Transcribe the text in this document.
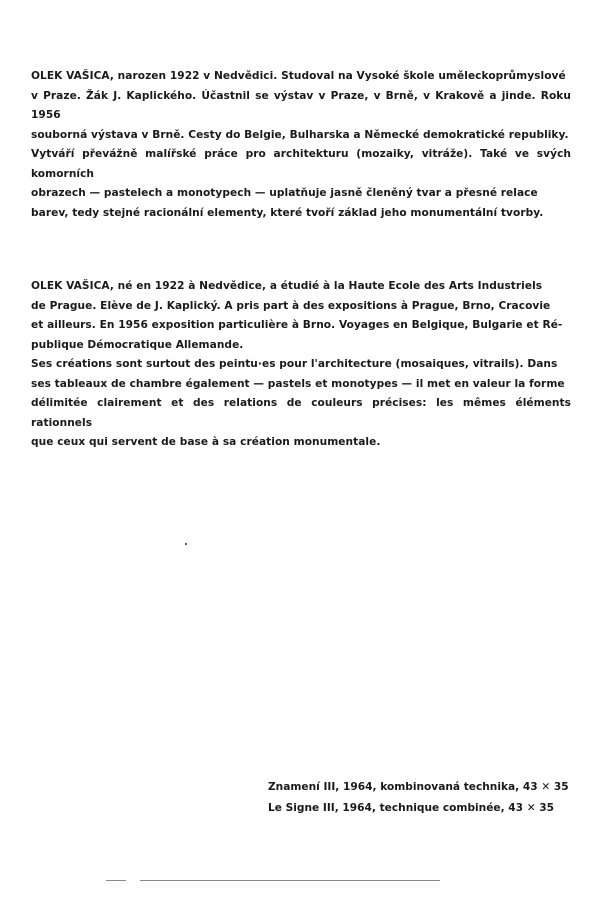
OLEK VAŠICA, narozen 1922 v Nedvědici. Studoval na Vysoké škole uměleckoprůmyslové

v Praze. Žák J. Kaplického. Účastnil se výstav v Praze, v Brně, v Krakově a jinde. Roku 1956

souborná výstava v Brně. Cesty do Belgie, Bulharska a Německé demokratické republiky.

Vytváří převážně malířské práce pro architekturu (mozaiky, vitráže). Také ve svých komorních

obrazech — pastelech a monotypech — uplatňuje jasně členěný tvar a přesné relace

barev, tedy stejné racionální elementy, které tvoří základ jeho monumentální tvorby.

OLEK VAŠICA, né en 1922 à Nedvědice, a étudié à la Haute Ecole des Arts Industriels

de Prague. Elève de J. Kaplický. A pris part à des expositions à Prague, Brno, Cracovie

et ailleurs. En 1956 exposition particulière à Brno. Voyages en Belgique, Bulgarie et Ré-

publique Démocratique Allemande.

Ses créations sont surtout des peintu·es pour l'architecture (mosaiques, vitrails). Dans

ses tableaux de chambre également — pastels et monotypes — il met en valeur la forme

délimitée clairement et des relations de couleurs précises: les mêmes éléments rationnels

que ceux qui servent de base à sa création monumentale.

Znamení III, 1964, kombinovaná technika, 43 ✕ 35
Le Signe III, 1964, technique combinée, 43 ✕ 35
